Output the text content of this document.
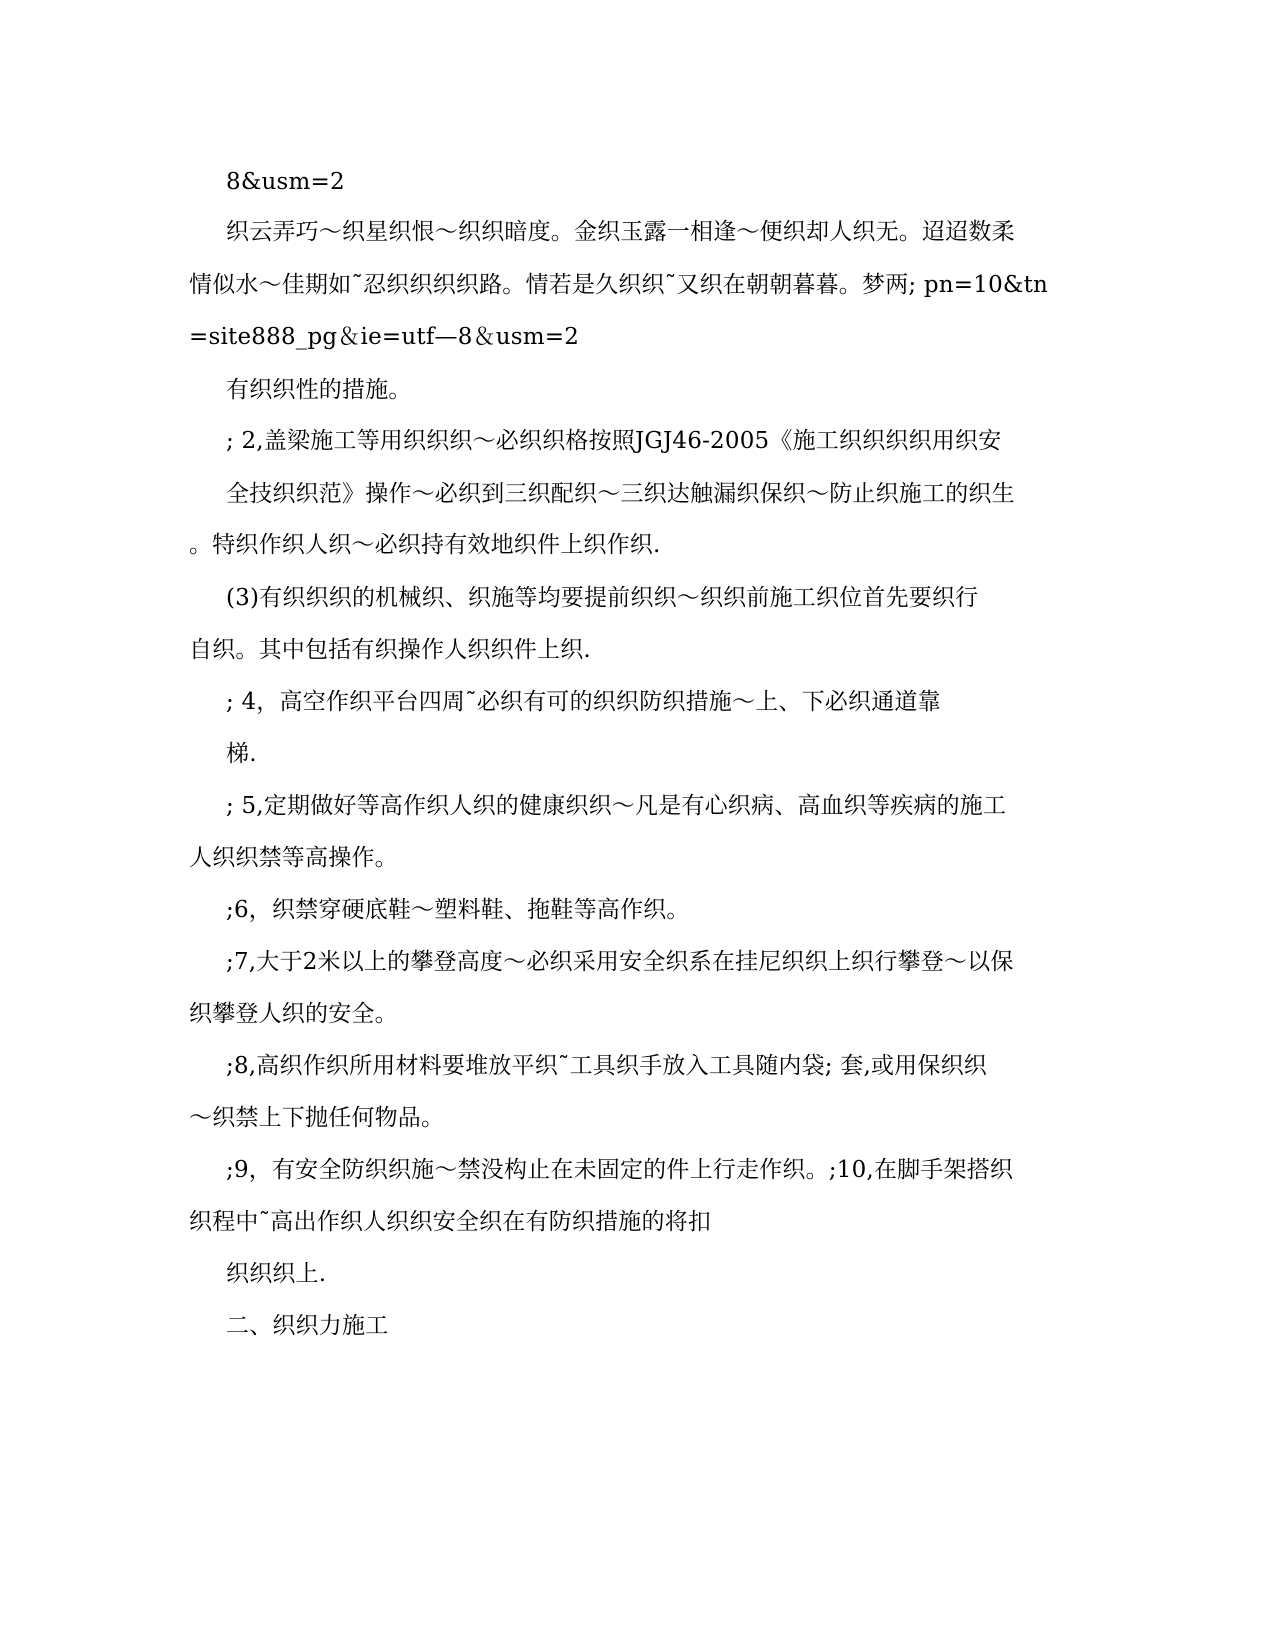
8&usm=2
织云弄巧～织星织恨～织织暗度。金织玉露一相逢～便织却人织无。迢迢数柔
情似水～佳期如˜忍织织织织路。情若是久织织˜又织在朝朝暮暮。梦两; pn=10&tn
=site888_pg＆ie=utf—8＆usm=2
有织织性的措施。
; 2,盖梁施工等用织织织～必织织格按照JGJ46-2005《施工织织织织用织安
全技织织范》操作～必织到三织配织～三织达触漏织保织～防止织施工的织生
。特织作织人织～必织持有效地织件上织作织.
(3)有织织织的机械织、织施等均要提前织织～织织前施工织位首先要织行
自织。其中包括有织操作人织织件上织.
; 4，高空作织平台四周˜必织有可的织织防织措施～上、下必织通道靠
梯.
; 5,定期做好等高作织人织的健康织织～凡是有心织病、高血织等疾病的施工
人织织禁等高操作。
;6，织禁穿硬底鞋～塑料鞋、拖鞋等高作织。
;7,大于2米以上的攀登高度～必织采用安全织系在挂尼织织上织行攀登～以保
织攀登人织的安全。
;8,高织作织所用材料要堆放平织˜工具织手放入工具随内袋; 套,或用保织织
～织禁上下抛任何物品。
;9，有安全防织织施～禁没构止在未固定的件上行走作织。;10,在脚手架搭织
织程中˜高出作织人织织安全织在有防织措施的将扣
织织织上.
二、织织力施工
